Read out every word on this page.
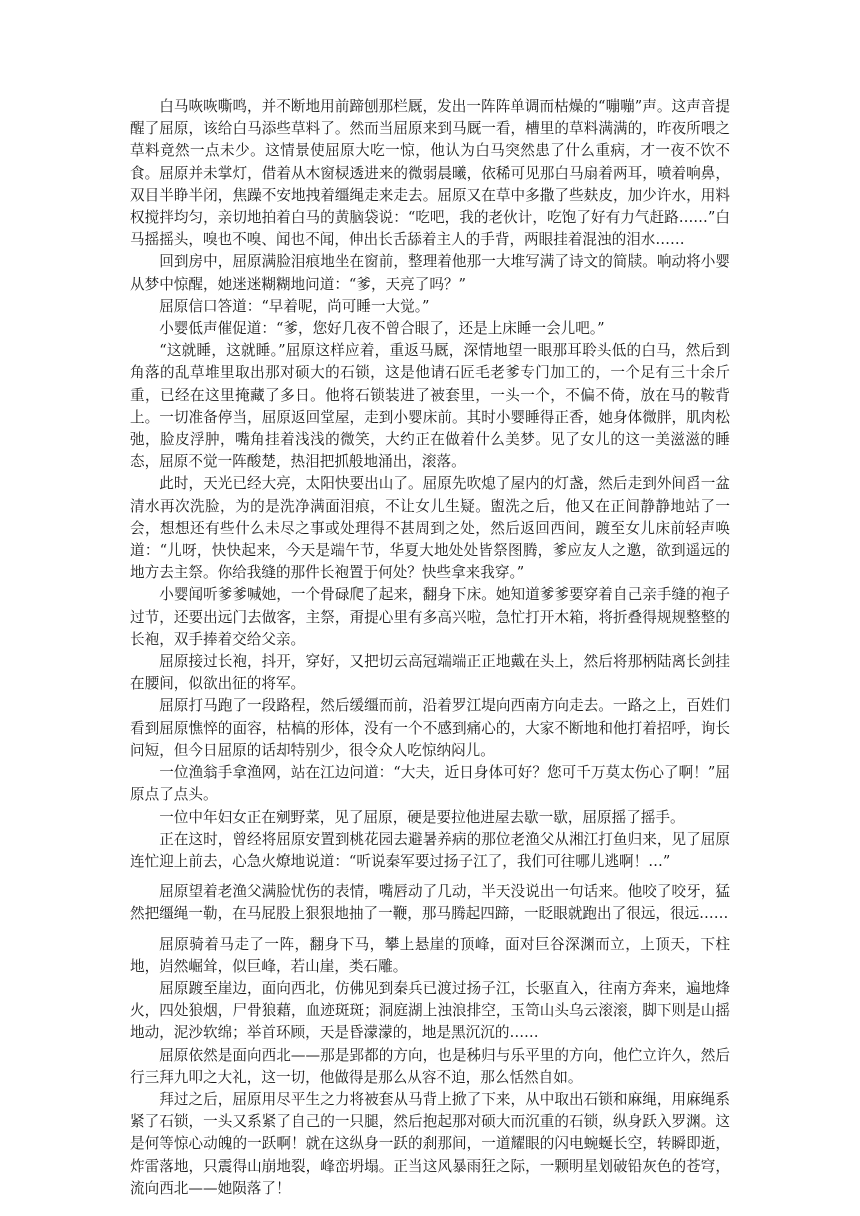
白马咴咴嘶鸣，并不断地用前蹄刨那栏厩，发出一阵阵单调而枯燥的“嘣嘣”声。这声音提醒了屈原，该给白马添些草料了。然而当屈原来到马厩一看，槽里的草料满满的，昨夜所喂之草料竟然一点未少。这情景使屈原大吃一惊，他认为白马突然患了什么重病，才一夜不饮不食。屈原并未掌灯，借着从木窗棂透进来的微弱晨曦，依稀可见那白马扇着两耳，喷着响鼻，双目半睁半闭，焦躁不安地拽着缰绳走来走去。屈原又在草中多撒了些麸皮，加少许水，用料权搅拌均匀，亲切地拍着白马的黄脑袋说：“吃吧，我的老伙计，吃饱了好有力气赶路……”白马摇摇头，嗅也不嗅、闻也不闻，伸出长舌舔着主人的手背，两眼挂着混浊的泪水……

回到房中，屈原满脸泪痕地坐在窗前，整理着他那一大堆写满了诗文的简牍。响动将小婴从梦中惊醒，她迷迷糊糊地问道：“爹，天亮了吗？”

屈原信口答道：“早着呢，尚可睡一大觉。”

小婴低声催促道：“爹，您好几夜不曾合眼了，还是上床睡一会儿吧。”

“这就睡，这就睡。”屈原这样应着，重返马厩，深情地望一眼那耳聆头低的白马，然后到角落的乱草堆里取出那对硕大的石锁，这是他请石匠毛老爹专门加工的，一个足有三十余斤重，已经在这里掩藏了多日。他将石锁装进了被套里，一头一个，不偏不倚，放在马的鞍背上。一切准备停当，屈原返回堂屋，走到小婴床前。其时小婴睡得正香，她身体微胖，肌肉松弛，脸皮浮肿，嘴角挂着浅浅的微笑，大约正在做着什么美梦。见了女儿的这一美滋滋的睡态，屈原不觉一阵酸楚，热泪把抓般地涌出，滚落。

此时，天光已经大亮，太阳快要出山了。屈原先吹熄了屋内的灯盏，然后走到外间舀一盆清水再次洗脸，为的是洗净满面泪痕，不让女儿生疑。盥洗之后，他又在正间静静地站了一会，想想还有些什么未尽之事或处理得不甚周到之处，然后返回西间，踱至女儿床前轻声唤道：“儿呀，快快起来，今天是端午节，华夏大地处处皆祭图腾，爹应友人之邀，欲到遥远的地方去主祭。你给我缝的那件长袍置于何处？快些拿来我穿。”

小婴闻听爹爹喊她，一个骨碌爬了起来，翻身下床。她知道爹爹要穿着自己亲手缝的袍子过节，还要出远门去做客，主祭，甭提心里有多高兴啦，急忙打开木箱，将折叠得规规整整的长袍，双手捧着交给父亲。

屈原接过长袍，抖开，穿好，又把切云高冠端端正正地戴在头上，然后将那柄陆离长剑挂在腰间，似欲出征的将军。

屈原打马跑了一段路程，然后缓缰而前，沿着罗江堤向西南方向走去。一路之上，百姓们看到屈原憔悴的面容，枯槁的形体，没有一个不感到痛心的，大家不断地和他打着招呼，询长问短，但今日屈原的话却特别少，很令众人吃惊纳闷儿。

一位渔翁手拿渔网，站在江边问道：“大夫，近日身体可好？您可千万莫太伤心了啊！”屈原点了点头。

一位中年妇女正在剜野菜，见了屈原，硬是要拉他进屋去歇一歇，屈原摇了摇手。

正在这时，曾经将屈原安置到桃花园去避暑养病的那位老渔父从湘江打鱼归来，见了屈原连忙迎上前去，心急火燎地说道：“听说秦军要过扬子江了，我们可往哪儿逃啊！…”

屈原望着老渔父满脸忧伤的表情，嘴唇动了几动，半天没说出一句话来。他咬了咬牙，猛然把缰绳一勒，在马屁股上狠狠地抽了一鞭，那马腾起四蹄，一眨眼就跑出了很远，很远……

屈原骑着马走了一阵，翻身下马，攀上悬崖的顶峰，面对巨谷深渊而立，上顶天，下柱地，岿然崛耸，似巨峰，若山崖，类石雕。

屈原踱至崖边，面向西北，仿佛见到秦兵已渡过扬子江，长驱直入，往南方奔来，遍地烽火，四处狼烟，尸骨狼藉，血迹斑斑；洞庭湖上浊浪排空，玉笥山头乌云滚滚，脚下则是山摇地动，泥沙软绵；举首环顾，天是昏濛濛的，地是黑沉沉的……

屈原依然是面向西北——那是郢都的方向，也是秭归与乐平里的方向，他伫立许久，然后行三拜九叩之大礼，这一切，他做得是那么从容不迫，那么恬然自如。

拜过之后，屈原用尽平生之力将被套从马背上掀了下来，从中取出石锁和麻绳，用麻绳系紧了石锁，一头又系紧了自己的一只腿，然后抱起那对硕大而沉重的石锁，纵身跃入罗渊。这是何等惊心动魄的一跃啊！就在这纵身一跃的刹那间，一道耀眼的闪电蜿蜒长空，转瞬即逝，炸雷落地，只震得山崩地裂，峰峦坍塌。正当这风暴雨狂之际，一颗明星划破铅灰色的苍穹，流向西北——她陨落了！
